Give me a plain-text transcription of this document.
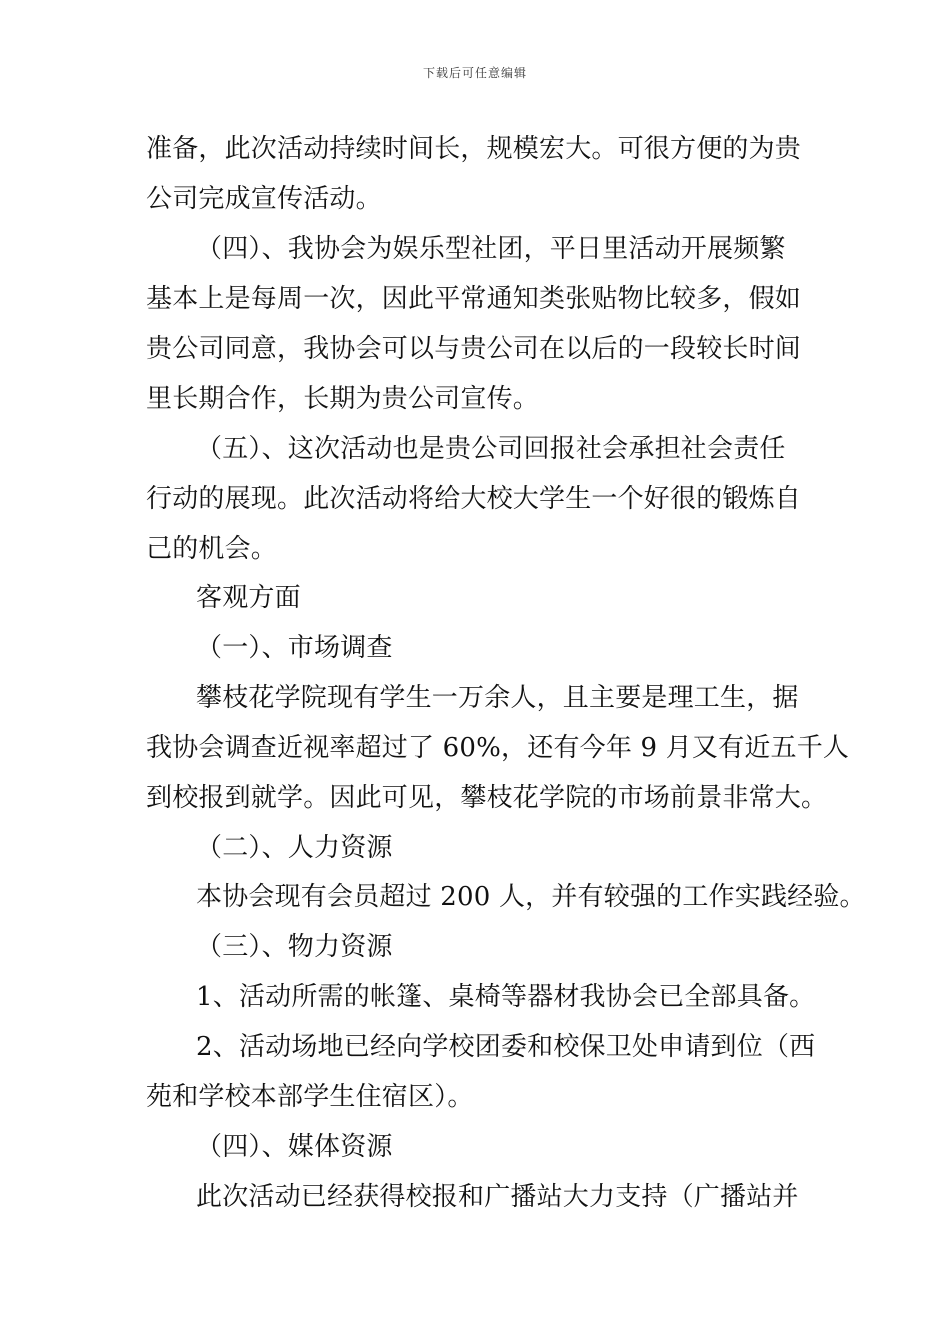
下载后可任意编辑
准备，此次活动持续时间长，规模宏大。可很方便的为贵
公司完成宣传活动。
（四）、我协会为娱乐型社团，平日里活动开展频繁
基本上是每周一次，因此平常通知类张贴物比较多，假如
贵公司同意，我协会可以与贵公司在以后的一段较长时间
里长期合作，长期为贵公司宣传。
（五）、这次活动也是贵公司回报社会承担社会责任
行动的展现。此次活动将给大校大学生一个好很的锻炼自
己的机会。
客观方面
（一）、市场调查
攀枝花学院现有学生一万余人，且主要是理工生，据
我协会调查近视率超过了 60%，还有今年 9 月又有近五千人
到校报到就学。因此可见，攀枝花学院的市场前景非常大。
（二）、人力资源
本协会现有会员超过 200 人，并有较强的工作实践经验。
（三）、物力资源
1、活动所需的帐篷、桌椅等器材我协会已全部具备。
2、活动场地已经向学校团委和校保卫处申请到位（西
苑和学校本部学生住宿区）。
（四）、媒体资源
此次活动已经获得校报和广播站大力支持（广播站并
